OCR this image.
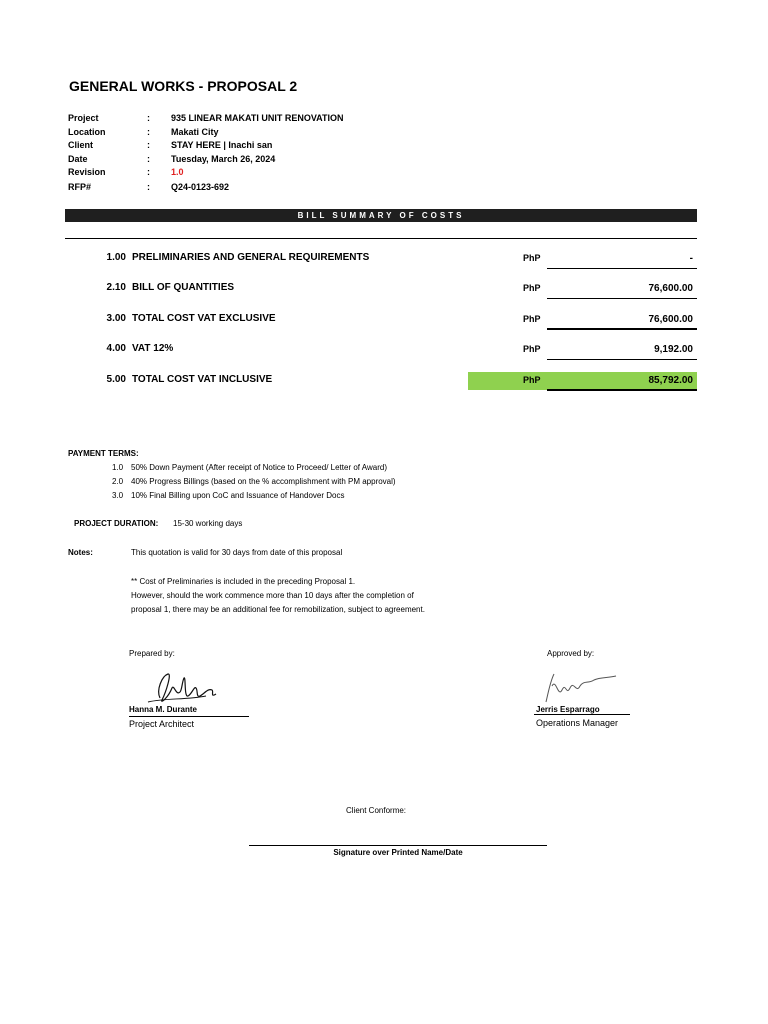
GENERAL WORKS - PROPOSAL 2
Project	: 935 LINEAR MAKATI UNIT RENOVATION
Location	: Makati City
Client	: STAY HERE | Inachi san
Date	: Tuesday, March 26, 2024
Revision	: 1.0
RFP#	: Q24-0123-692
BILL SUMMARY OF COSTS
1.00 PRELIMINARIES AND GENERAL REQUIREMENTS	PhP	-
2.10 BILL OF QUANTITIES	PhP	76,600.00
3.00 TOTAL COST VAT EXCLUSIVE	PhP	76,600.00
4.00 VAT 12%	PhP	9,192.00
5.00 TOTAL COST VAT INCLUSIVE	PhP	85,792.00
PAYMENT TERMS:
1.0 50% Down Payment (After receipt of Notice to Proceed/ Letter of Award)
2.0 40% Progress Billings (based on the % accomplishment with PM approval)
3.0 10% Final Billing upon CoC and Issuance of Handover Docs
PROJECT DURATION: 15-30 working days
Notes:	This quotation is valid for 30 days from date of this proposal
** Cost of Preliminaries is included in the preceding Proposal 1.
However, should the work commence more than 10 days after the completion of
proposal 1, there may be an additional fee for remobilization, subject to agreement.
Prepared by:
Hanna M. Durante
Project Architect
Approved by:
Jerris Esparrago
Operations Manager
Client Conforme:
Signature over Printed Name/Date
